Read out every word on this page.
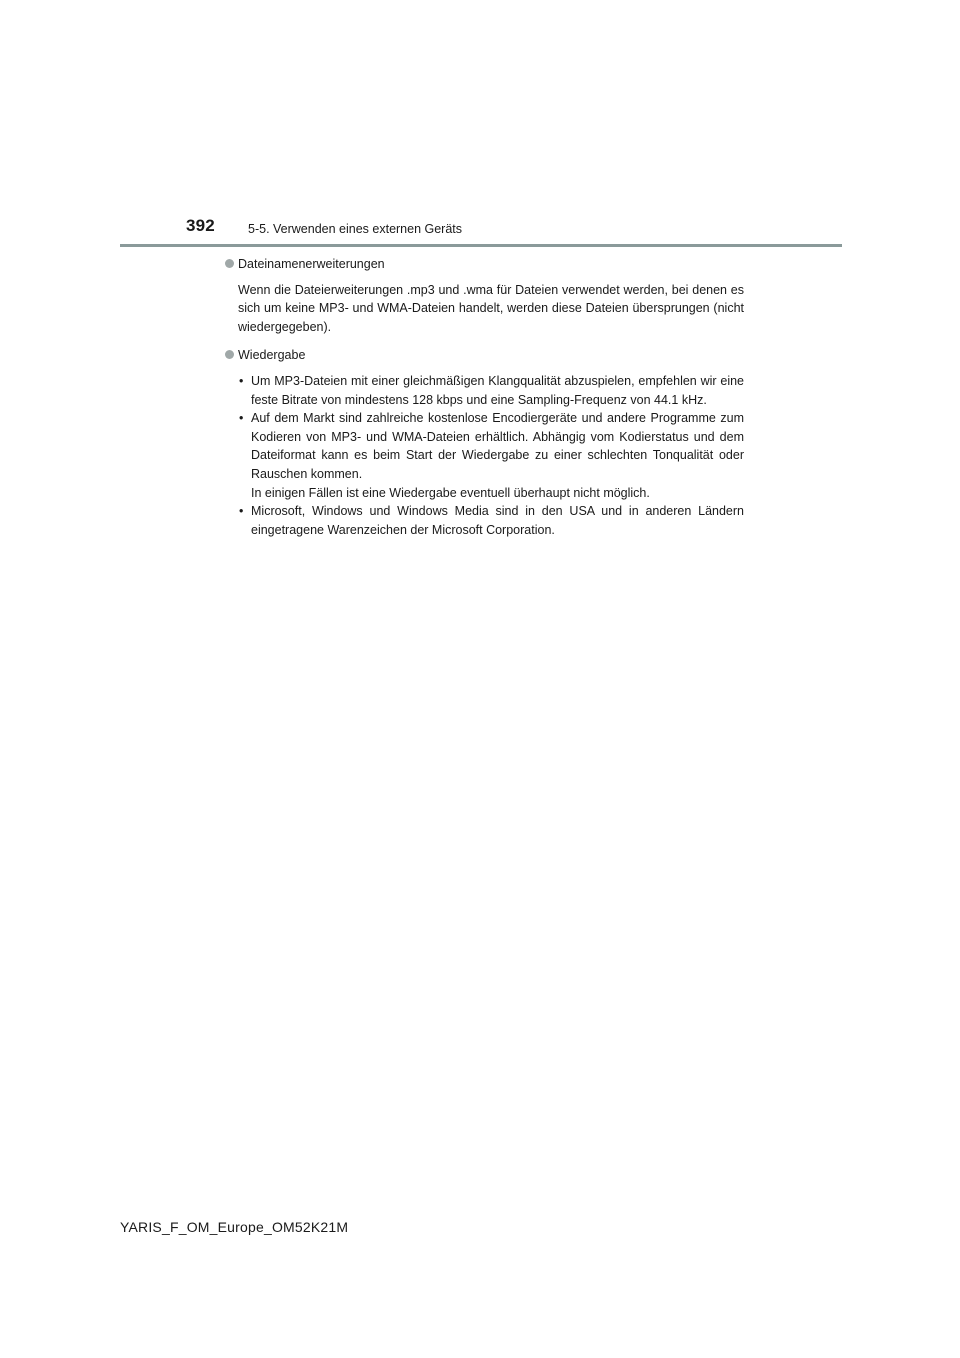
392	5-5. Verwenden eines externen Geräts
Dateinamenerweiterungen
Wenn die Dateierweiterungen .mp3 und .wma für Dateien verwendet werden, bei denen es sich um keine MP3- und WMA-Dateien handelt, werden diese Dateien übersprungen (nicht wiedergegeben).
Wiedergabe
• Um MP3-Dateien mit einer gleichmäßigen Klangqualität abzuspielen, empfehlen wir eine feste Bitrate von mindestens 128 kbps und eine Sampling-Frequenz von 44.1 kHz.
• Auf dem Markt sind zahlreiche kostenlose Encodiergeräte und andere Programme zum Kodieren von MP3- und WMA-Dateien erhältlich. Abhängig vom Kodierstatus und dem Dateiformat kann es beim Start der Wiedergabe zu einer schlechten Tonqualität oder Rauschen kommen.
In einigen Fällen ist eine Wiedergabe eventuell überhaupt nicht möglich.
• Microsoft, Windows und Windows Media sind in den USA und in anderen Ländern eingetragene Warenzeichen der Microsoft Corporation.
YARIS_F_OM_Europe_OM52K21M
